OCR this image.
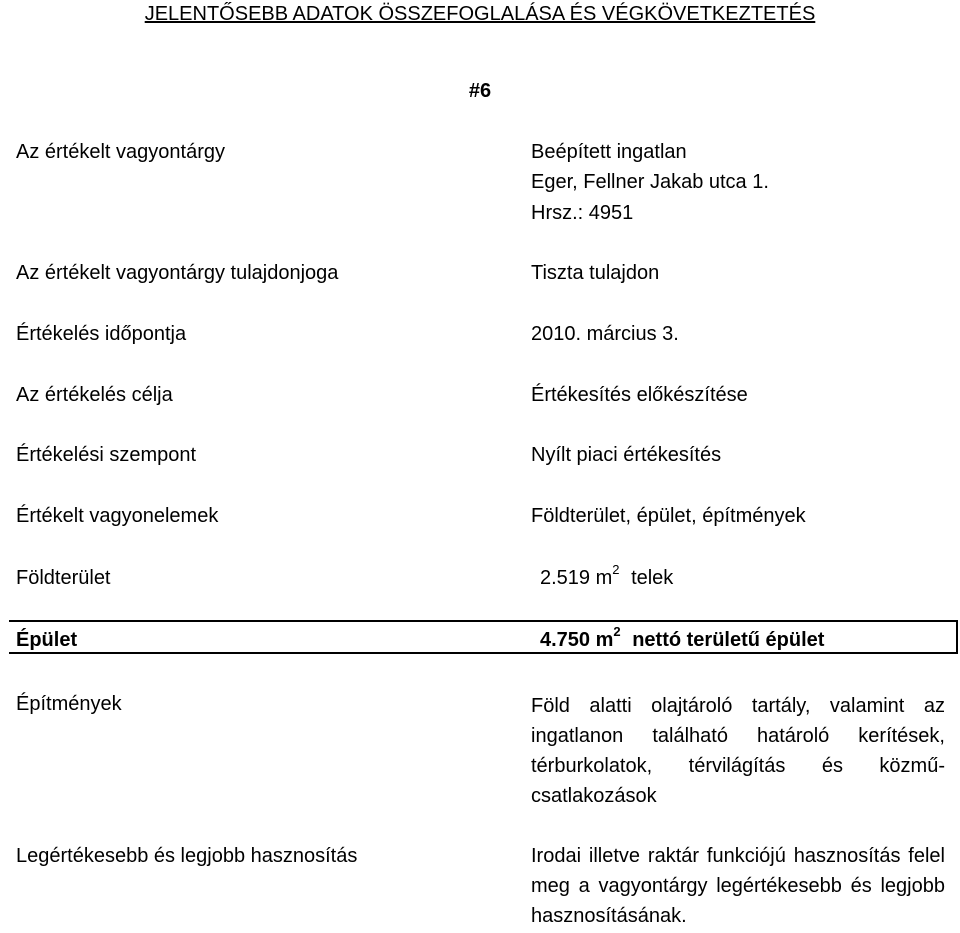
JELENTŐSEBB ADATOK ÖSSZEFOGLALÁSA ÉS VÉGKÖVETKEZTETÉS
#6
Az értékelt vagyontárgy	Beépített ingatlan
Eger, Fellner Jakab utca 1.
Hrsz.: 4951
Az értékelt vagyontárgy tulajdonjoga	Tiszta tulajdon
Értékelés időpontja	2010. március 3.
Az értékelés célja	Értékesítés előkészítése
Értékelési szempont	Nyílt piaci értékesítés
Értékelt vagyonelemek	Földterület, épület, építmények
Földterület	2.519 $m^2$ telek
Épület	4.750 $m^2$ nettó területű épület
Építmények	Föld alatti olajtároló tartály, valamint az ingatlanon található határoló kerítések, térburkolatok, térvilágítás és közmű-csatlakozások
Legértékesebb és legjobb hasznosítás	Irodai illetve raktár funkciójú hasznosítás felel meg a vagyontárgy legértékesebb és legjobb hasznosításának.
